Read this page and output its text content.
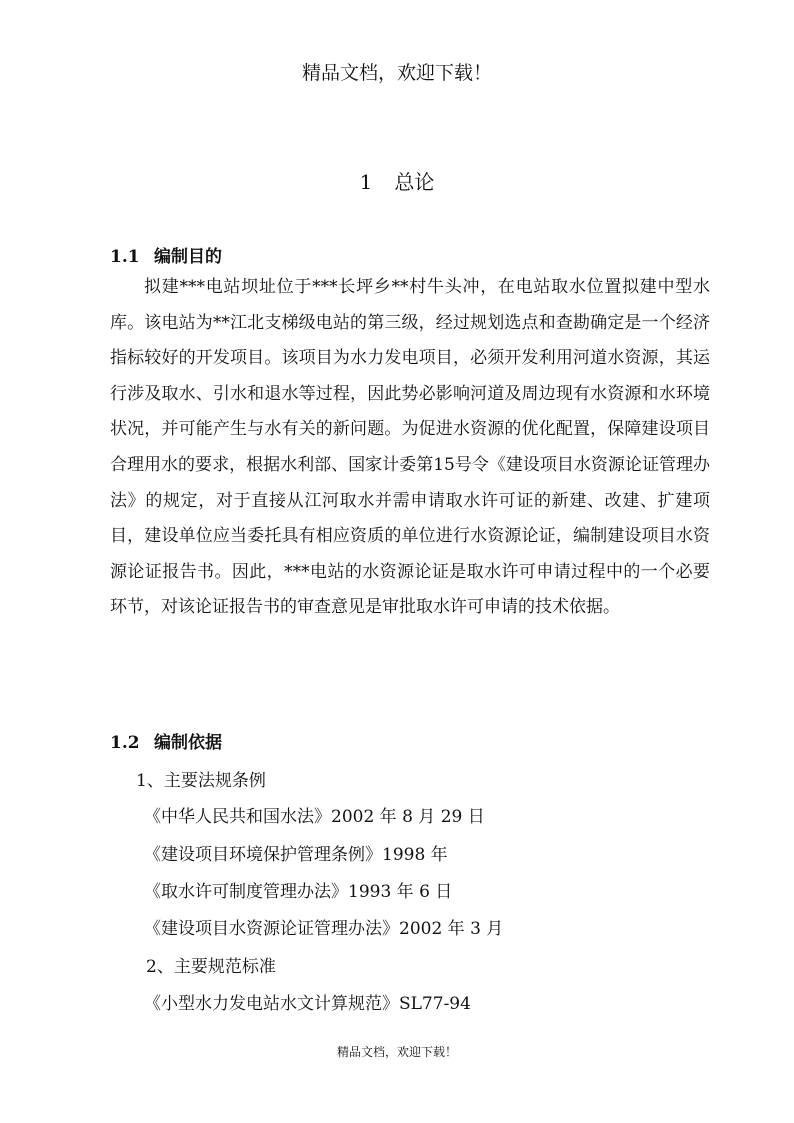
精品文档，欢迎下载！
1 总论
1.1 编制目的

拟建***电站坝址位于***长坪乡**村牛头冲，在电站取水位置拟建中型水库。该电站为**江北支梯级电站的第三级，经过规划选点和查勘确定是一个经济指标较好的开发项目。该项目为水力发电项目，必须开发利用河道水资源，其运行涉及取水、引水和退水等过程，因此势必影响河道及周边现有水资源和水环境状况，并可能产生与水有关的新问题。为促进水资源的优化配置，保障建设项目合理用水的要求，根据水利部、国家计委第15号令《建设项目水资源论证管理办法》的规定，对于直接从江河取水并需申请取水许可证的新建、改建、扩建项目，建设单位应当委托具有相应资质的单位进行水资源论证，编制建设项目水资源论证报告书。因此，***电站的水资源论证是取水许可申请过程中的一个必要环节，对该论证报告书的审查意见是审批取水许可申请的技术依据。

1.2 编制依据
1、主要法规条例
《中华人民共和国水法》2002 年 8 月 29 日
《建设项目环境保护管理条例》1998 年
《取水许可制度管理办法》1993 年 6 日
《建设项目水资源论证管理办法》2002 年 3 月
2、主要规范标准
《小型水力发电站水文计算规范》SL77-94
精品文档，欢迎下载！
